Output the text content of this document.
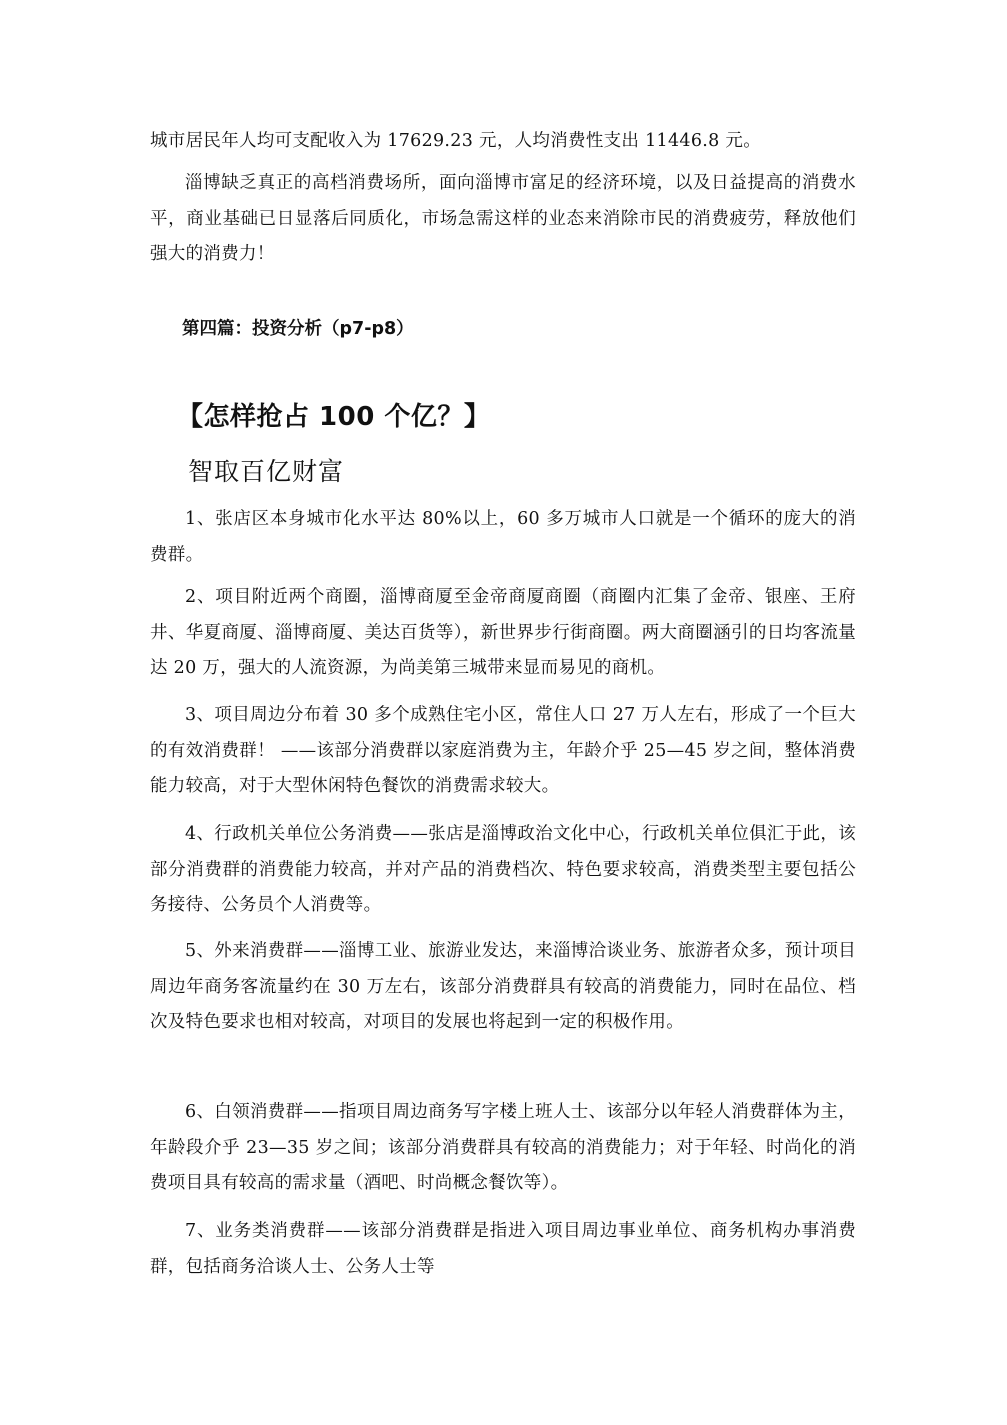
城市居民年人均可支配收入为 17629.23 元，人均消费性支出 11446.8 元。

淄博缺乏真正的高档消费场所，面向淄博市富足的经济环境，以及日益提高的消费水平，商业基础已日显落后同质化，市场急需这样的业态来消除市民的消费疲劳，释放他们强大的消费力！

第四篇：投资分析（p7-p8）
【怎样抢占 100 个亿？】
智取百亿财富

1、张店区本身城市化水平达 80%以上，60 多万城市人口就是一个循环的庞大的消费群。

2、项目附近两个商圈，淄博商厦至金帝商厦商圈（商圈内汇集了金帝、银座、王府井、华夏商厦、淄博商厦、美达百货等），新世界步行街商圈。两大商圈涵引的日均客流量达 20 万，强大的人流资源，为尚美第三城带来显而易见的商机。

3、项目周边分布着 30 多个成熟住宅小区，常住人口 27 万人左右，形成了一个巨大的有效消费群！ ——该部分消费群以家庭消费为主，年龄介乎 25—45 岁之间，整体消费能力较高，对于大型休闲特色餐饮的消费需求较大。

4、行政机关单位公务消费——张店是淄博政治文化中心，行政机关单位俱汇于此，该部分消费群的消费能力较高，并对产品的消费档次、特色要求较高，消费类型主要包括公务接待、公务员个人消费等。

5、外来消费群——淄博工业、旅游业发达，来淄博洽谈业务、旅游者众多，预计项目周边年商务客流量约在 30 万左右，该部分消费群具有较高的消费能力，同时在品位、档次及特色要求也相对较高，对项目的发展也将起到一定的积极作用。

6、白领消费群——指项目周边商务写字楼上班人士、该部分以年轻人消费群体为主，年龄段介乎 23—35 岁之间；该部分消费群具有较高的消费能力；对于年轻、时尚化的消费项目具有较高的需求量（酒吧、时尚概念餐饮等）。

7、业务类消费群——该部分消费群是指进入项目周边事业单位、商务机构办事消费群，包括商务洽谈人士、公务人士等
